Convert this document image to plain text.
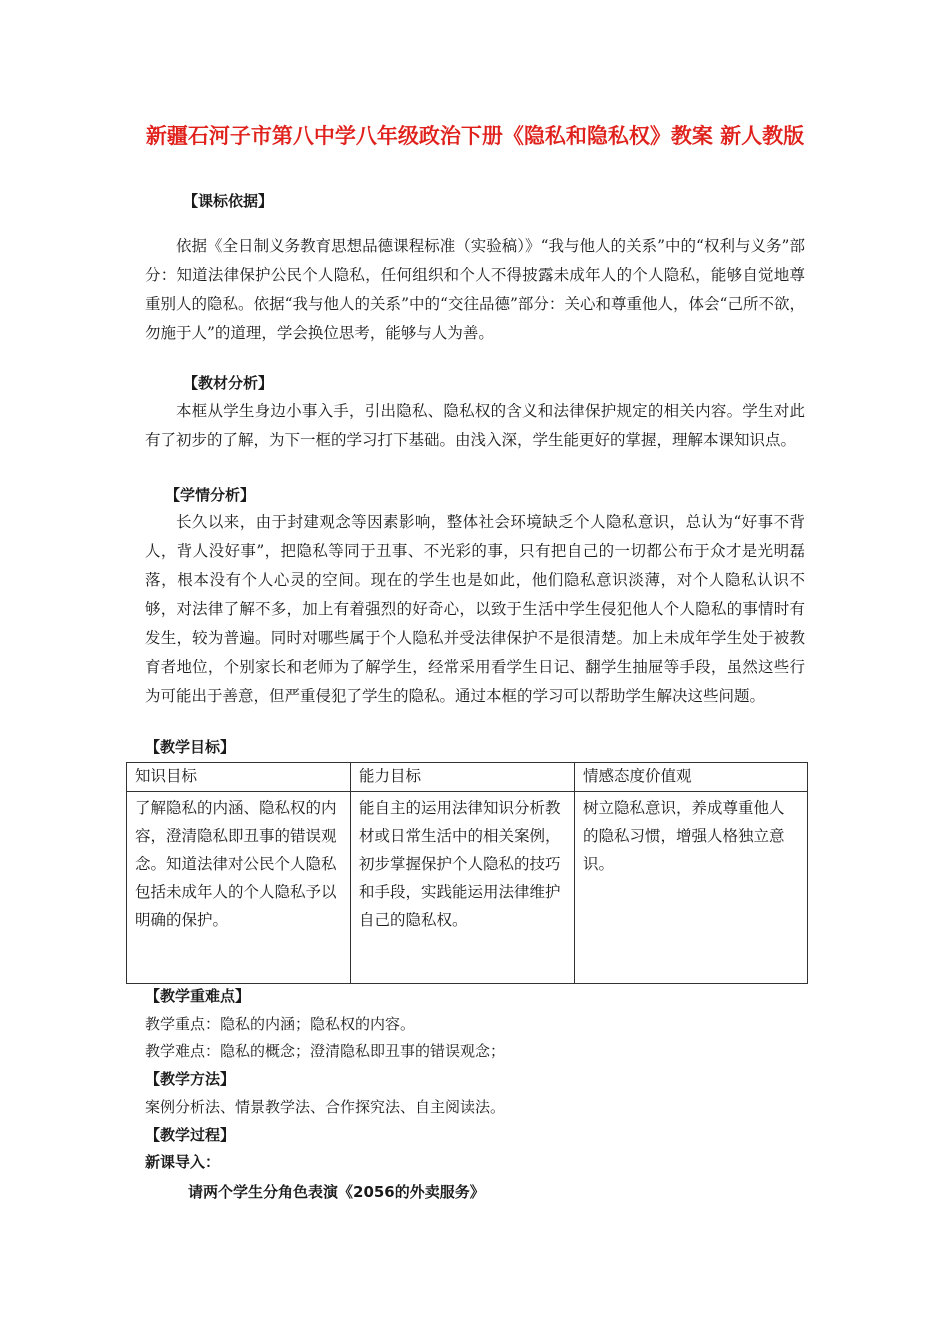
新疆石河子市第八中学八年级政治下册《隐私和隐私权》教案 新人教版
【课标依据】
依据《全日制义务教育思想品德课程标准（实验稿）》“我与他人的关系”中的“权利与义务”部分：知道法律保护公民个人隐私，任何组织和个人不得披露未成年人的个人隐私，能够自觉地尊重别人的隐私。依据“我与他人的关系”中的“交往品德”部分：关心和尊重他人，体会“己所不欲，勿施于人”的道理，学会换位思考，能够与人为善。
【教材分析】
本框从学生身边小事入手，引出隐私、隐私权的含义和法律保护规定的相关内容。学生对此有了初步的了解，为下一框的学习打下基础。由浅入深，学生能更好的掌握，理解本课知识点。
【学情分析】
长久以来，由于封建观念等因素影响，整体社会环境缺乏个人隐私意识，总认为“好事不背人，背人没好事”，把隐私等同于丑事、不光彩的事，只有把自己的一切都公布于众才是光明磊落，根本没有个人心灵的空间。现在的学生也是如此，他们隐私意识淡薄，对个人隐私认识不够，对法律了解不多，加上有着强烈的好奇心，以致于生活中学生侵犯他人个人隐私的事情时有发生，较为普遍。同时对哪些属于个人隐私并受法律保护不是很清楚。加上未成年学生处于被教育者地位，个别家长和老师为了解学生，经常采用看学生日记、翻学生抽屉等手段，虽然这些行为可能出于善意，但严重侵犯了学生的隐私。通过本框的学习可以帮助学生解决这些问题。
【教学目标】
知识目标	能力目标	情感态度价值观
了解隐私的内涵、隐私权的内容，澄清隐私即丑事的错误观念。知道法律对公民个人隐私包括未成年人的个人隐私予以明确的保护。	能自主的运用法律知识分析教材或日常生活中的相关案例，初步掌握保护个人隐私的技巧和手段，实践能运用法律维护自己的隐私权。	树立隐私意识，养成尊重他人的隐私习惯，增强人格独立意识。
【教学重难点】
教学重点：隐私的内涵；隐私权的内容。
教学难点：隐私的概念；澄清隐私即丑事的错误观念；
【教学方法】
案例分析法、情景教学法、合作探究法、自主阅读法。
【教学过程】
新课导入：
请两个学生分角色表演《2056的外卖服务》
